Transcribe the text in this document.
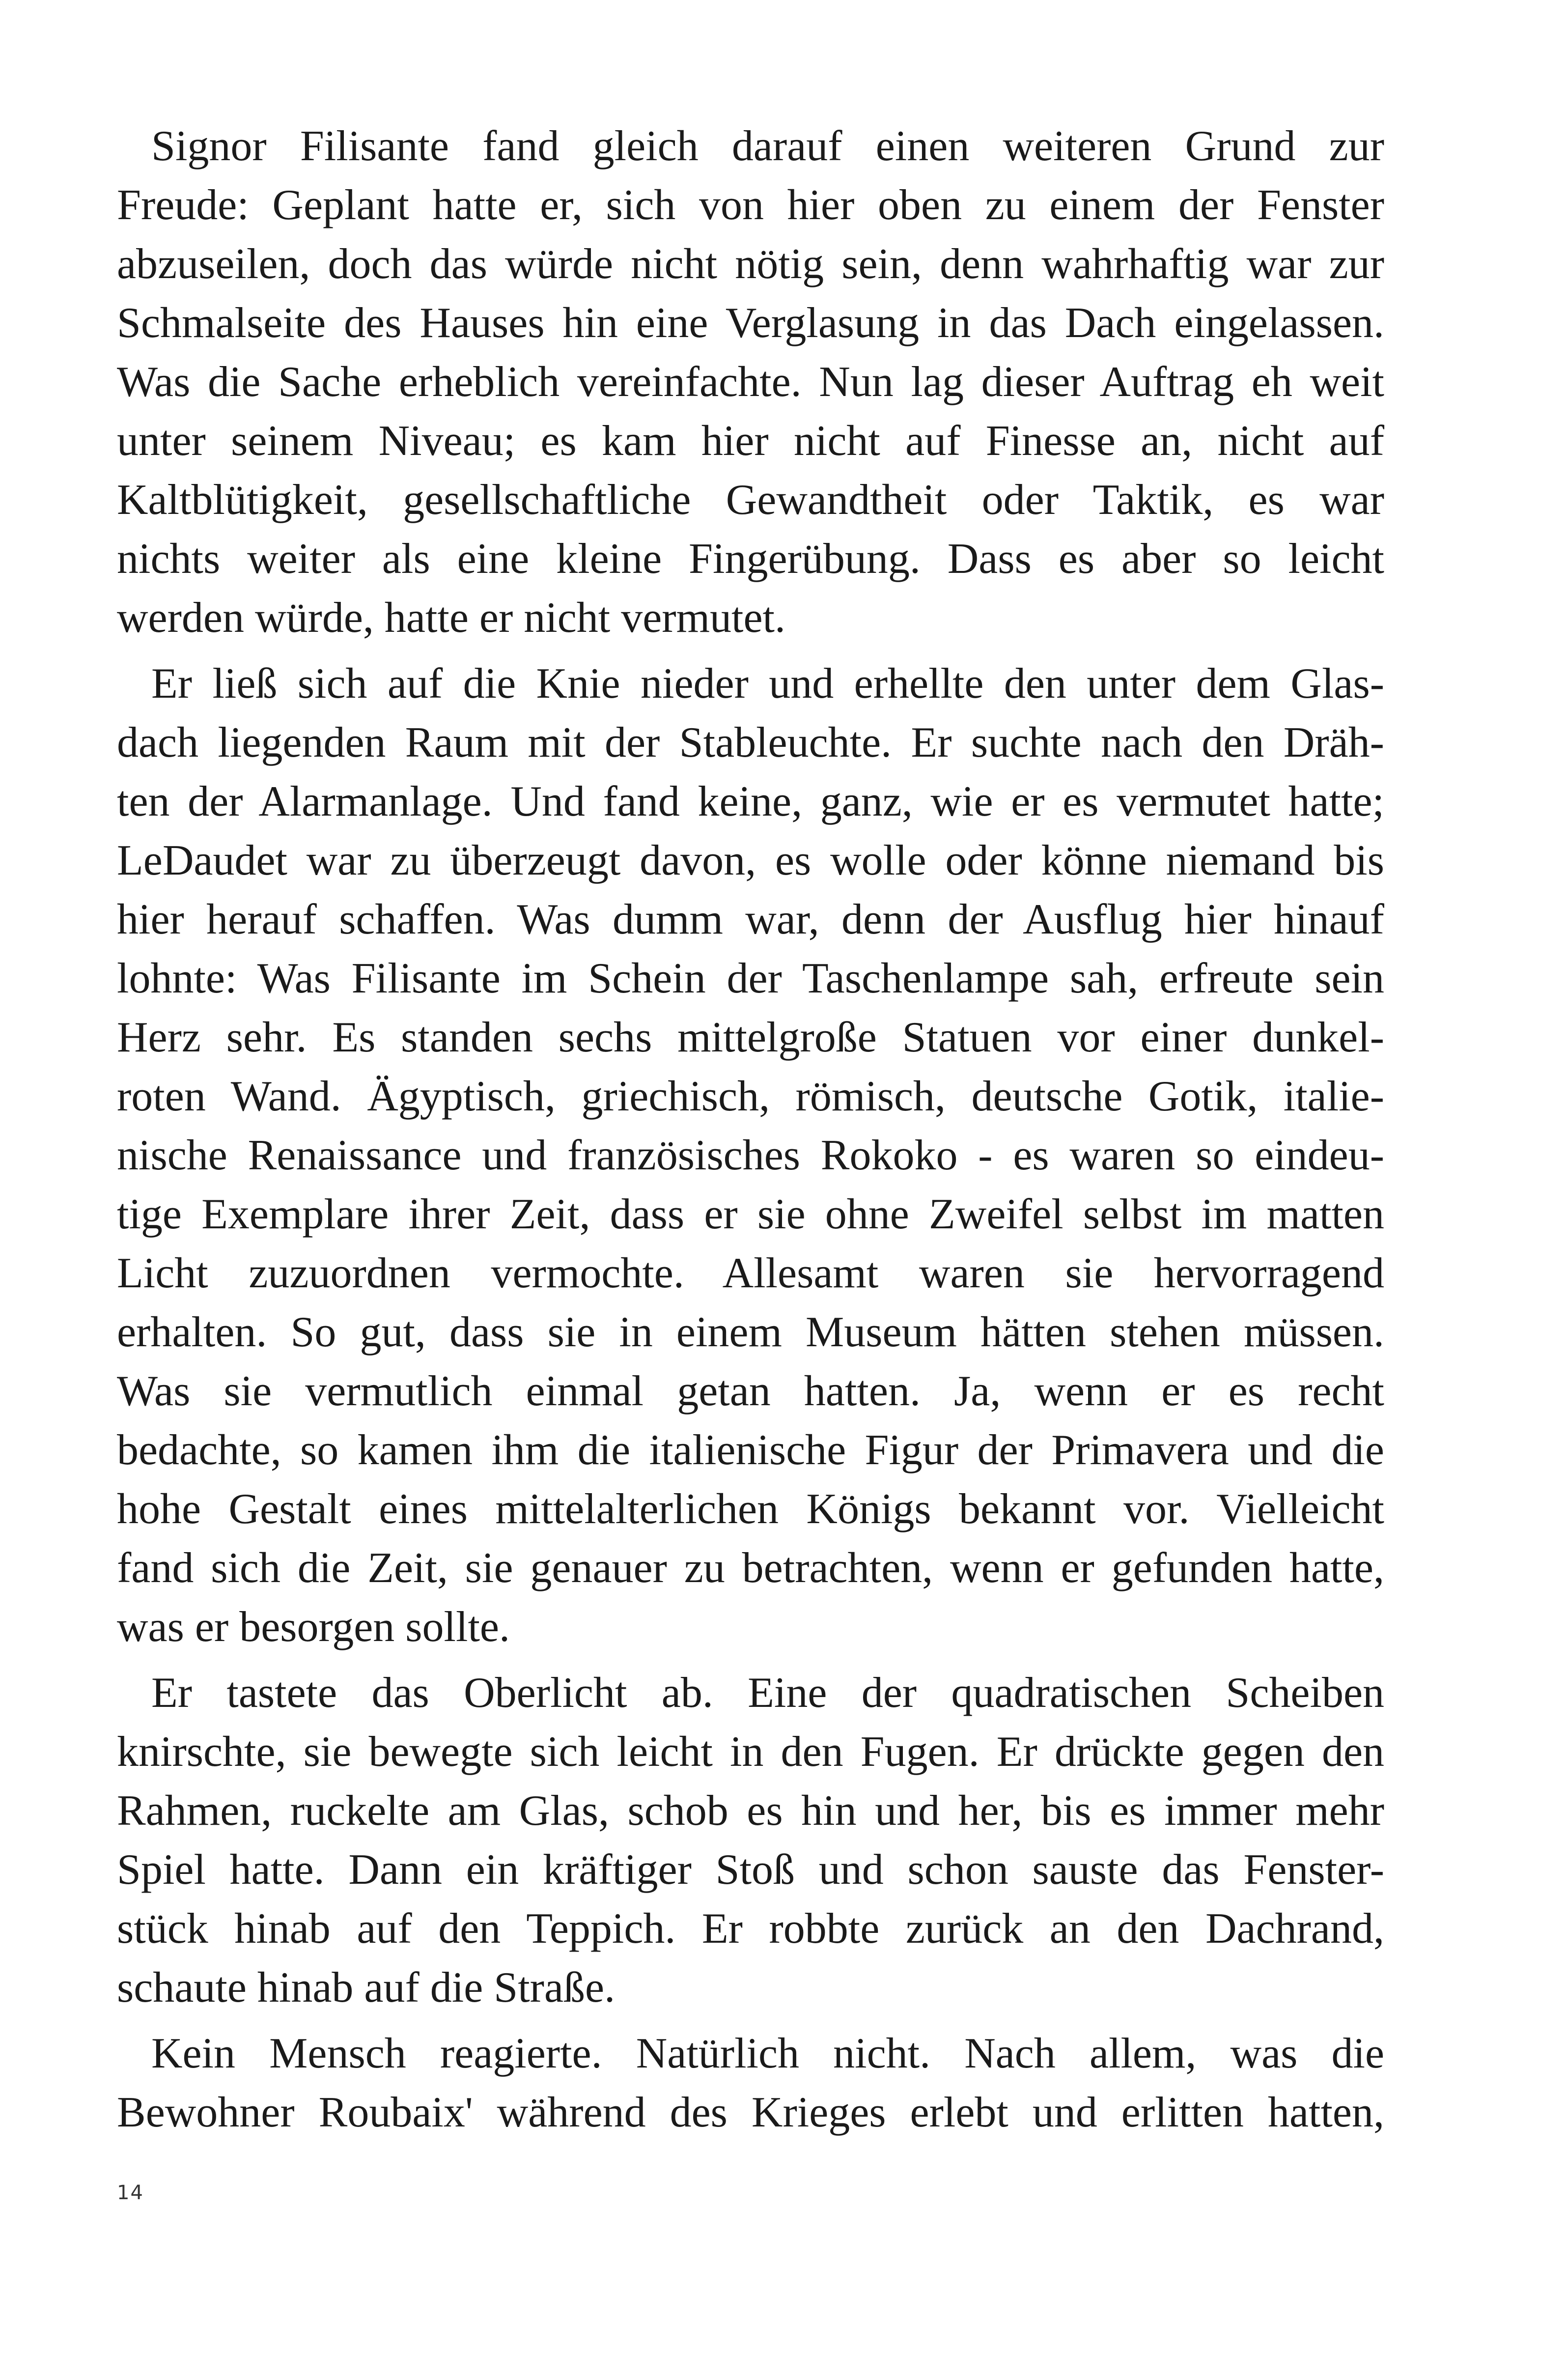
Signor Filisante fand gleich darauf einen weiteren Grund zur
Freude: Geplant hatte er, sich von hier oben zu einem der Fenster
abzuseilen, doch das würde nicht nötig sein, denn wahrhaftig war zur
Schmalseite des Hauses hin eine Verglasung in das Dach eingelassen.
Was die Sache erheblich vereinfachte. Nun lag dieser Auftrag eh weit
unter seinem Niveau; es kam hier nicht auf Finesse an, nicht auf
Kaltblütigkeit, gesellschaftliche Gewandtheit oder Taktik, es war
nichts weiter als eine kleine Fingerübung. Dass es aber so leicht
werden würde, hatte er nicht vermutet.
Er ließ sich auf die Knie nieder und erhellte den unter dem Glas-
dach liegenden Raum mit der Stableuchte. Er suchte nach den Dräh-
ten der Alarmanlage. Und fand keine, ganz, wie er es vermutet hatte;
LeDaudet war zu überzeugt davon, es wolle oder könne niemand bis
hier herauf schaffen. Was dumm war, denn der Ausflug hier hinauf
lohnte: Was Filisante im Schein der Taschenlampe sah, erfreute sein
Herz sehr. Es standen sechs mittelgroße Statuen vor einer dunkel-
roten Wand. Ägyptisch, griechisch, römisch, deutsche Gotik, italie-
nische Renaissance und französisches Rokoko - es waren so eindeu-
tige Exemplare ihrer Zeit, dass er sie ohne Zweifel selbst im matten
Licht zuzuordnen vermochte. Allesamt waren sie hervorragend
erhalten. So gut, dass sie in einem Museum hätten stehen müssen.
Was sie vermutlich einmal getan hatten. Ja, wenn er es recht
bedachte, so kamen ihm die italienische Figur der Primavera und die
hohe Gestalt eines mittelalterlichen Königs bekannt vor. Vielleicht
fand sich die Zeit, sie genauer zu betrachten, wenn er gefunden hatte,
was er besorgen sollte.
Er tastete das Oberlicht ab. Eine der quadratischen Scheiben
knirschte, sie bewegte sich leicht in den Fugen. Er drückte gegen den
Rahmen, ruckelte am Glas, schob es hin und her, bis es immer mehr
Spiel hatte. Dann ein kräftiger Stoß und schon sauste das Fenster-
stück hinab auf den Teppich. Er robbte zurück an den Dachrand,
schaute hinab auf die Straße.
Kein Mensch reagierte. Natürlich nicht. Nach allem, was die
Bewohner Roubaix' während des Krieges erlebt und erlitten hatten,
14
